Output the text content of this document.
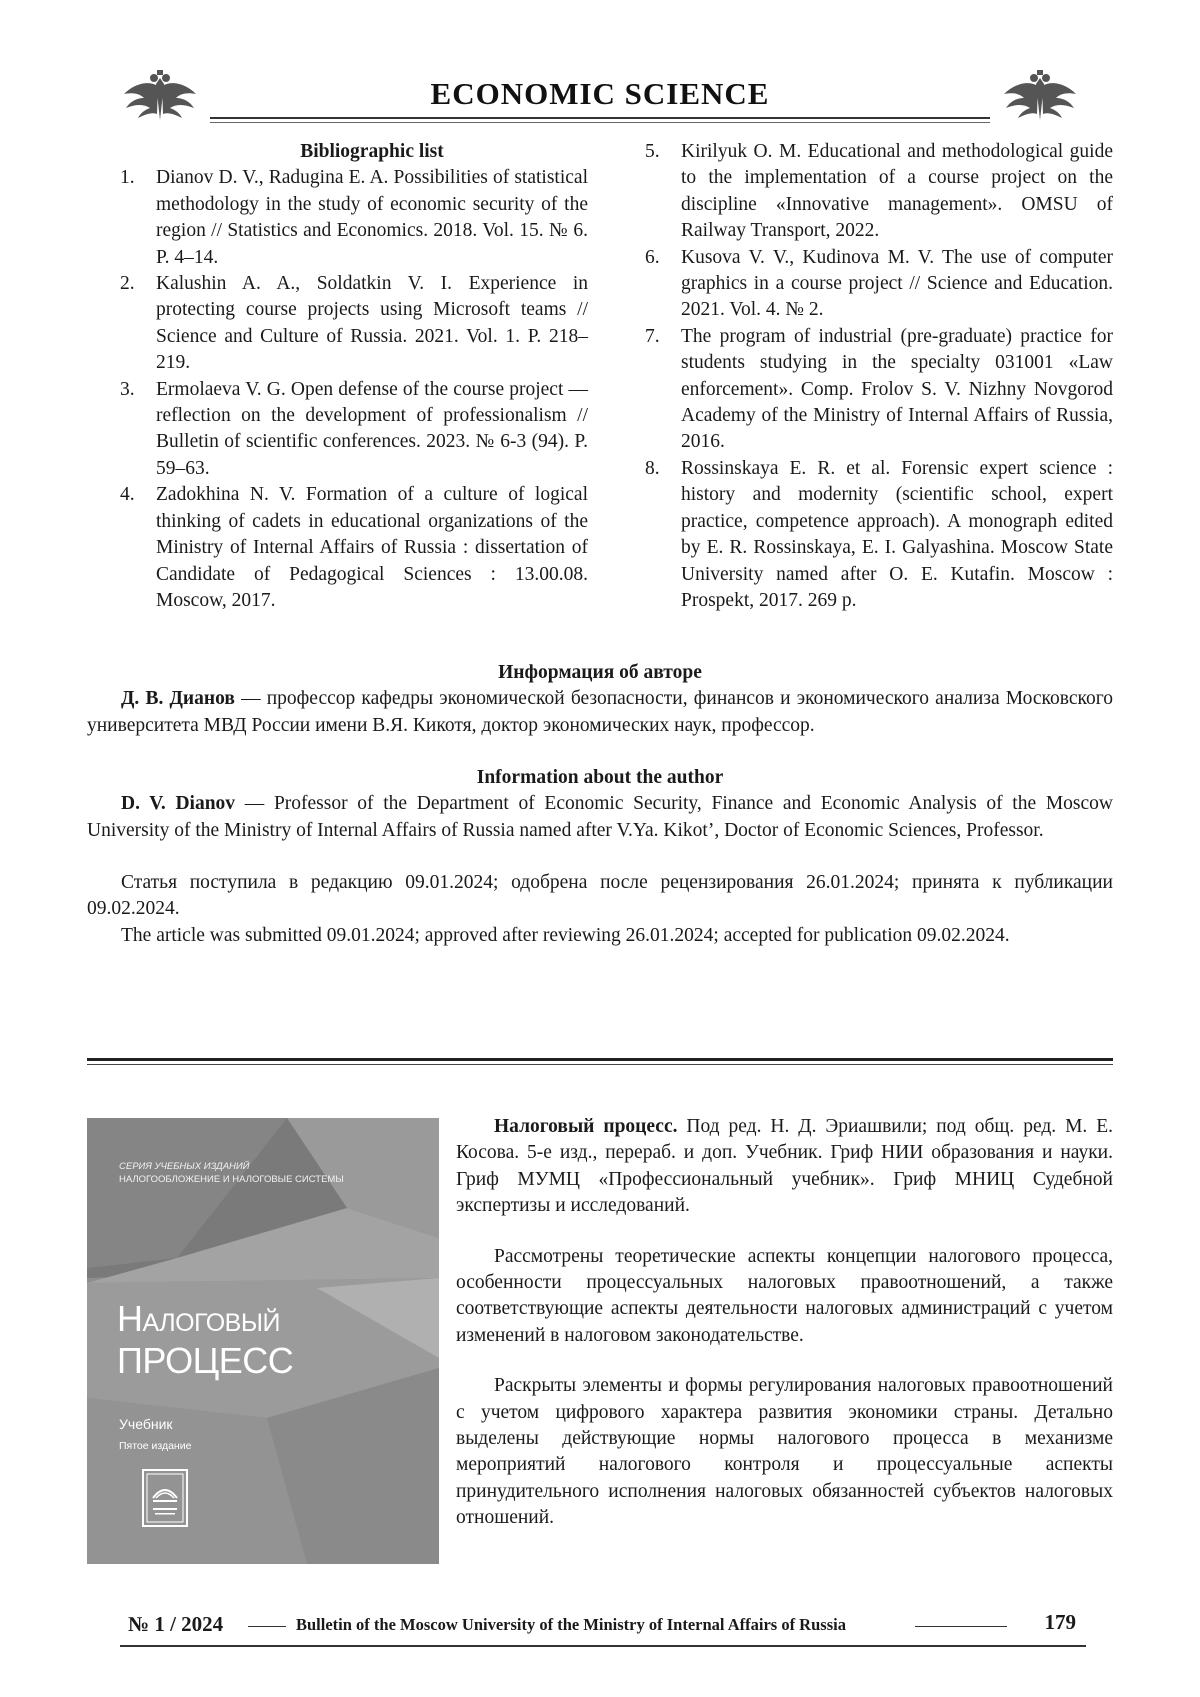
ECONOMIC SCIENCE
Bibliographic list
1. Dianov D. V., Radugina E. A. Possibilities of statistical methodology in the study of economic security of the region // Statistics and Economics. 2018. Vol. 15. № 6. P. 4–14.
2. Kalushin A. A., Soldatkin V. I. Experience in protecting course projects using Microsoft teams // Science and Culture of Russia. 2021. Vol. 1. P. 218–219.
3. Ermolaeva V. G. Open defense of the course project — reflection on the development of professionalism // Bulletin of scientific conferences. 2023. № 6-3 (94). P. 59–63.
4. Zadokhina N. V. Formation of a culture of logical thinking of cadets in educational organizations of the Ministry of Internal Affairs of Russia : dissertation of Candidate of Pedagogical Sciences : 13.00.08. Moscow, 2017.
5. Kirilyuk O. M. Educational and methodological guide to the implementation of a course project on the discipline «Innovative management». OMSU of Railway Transport, 2022.
6. Kusova V. V., Kudinova M. V. The use of computer graphics in a course project // Science and Education. 2021. Vol. 4. № 2.
7. The program of industrial (pre-graduate) practice for students studying in the specialty 031001 «Law enforcement». Comp. Frolov S. V. Nizhny Novgorod Academy of the Ministry of Internal Affairs of Russia, 2016.
8. Rossinskaya E. R. et al. Forensic expert science : history and modernity (scientific school, expert practice, competence approach). A monograph edited by E. R. Rossinskaya, E. I. Galyashina. Moscow State University named after O. E. Kutafin. Moscow : Prospekt, 2017. 269 p.
Информация об авторе
Д. В. Дианов — профессор кафедры экономической безопасности, финансов и экономического анализа Московского университета МВД России имени В.Я. Кикотя, доктор экономических наук, профессор.
Information about the author
D. V. Dianov — Professor of the Department of Economic Security, Finance and Economic Analysis of the Moscow University of the Ministry of Internal Affairs of Russia named after V.Ya. Kikot’, Doctor of Economic Sciences, Professor.
Статья поступила в редакцию 09.01.2024; одобрена после рецензирования 26.01.2024; принята к публикации 09.02.2024.
The article was submitted 09.01.2024; approved after reviewing 26.01.2024; accepted for publication 09.02.2024.
СЕРИЯ УЧЕБНЫХ ИЗДАНИЙ
НАЛОГООБЛОЖЕНИЕ И НАЛОГОВЫЕ СИСТЕМЫ
Налоговый
ПРОЦЕСС
Учебник
Пятое издание

Налоговый процесс. Под ред. Н. Д. Эриашвили; под общ. ред. М. Е. Косова. 5-е изд., перераб. и доп. Учебник. Гриф НИИ образования и науки. Гриф МУМЦ «Профессиональный учебник». Гриф МНИЦ Судебной экспертизы и исследований.

Рассмотрены теоретические аспекты концепции налогового процесса, особенности процессуальных налоговых правоотношений, а также соответствующие аспекты деятельности налоговых администраций с учетом изменений в налоговом законодательстве.

Раскрыты элементы и формы регулирования налоговых правоотношений с учетом цифрового характера развития экономики страны. Детально выделены действующие нормы налогового процесса в механизме мероприятий налогового контроля и процессуальные аспекты принудительного исполнения налоговых обязанностей субъектов налоговых отношений.

№ 1 / 2024	Bulletin of the Moscow University of the Ministry of Internal Affairs of Russia	179
